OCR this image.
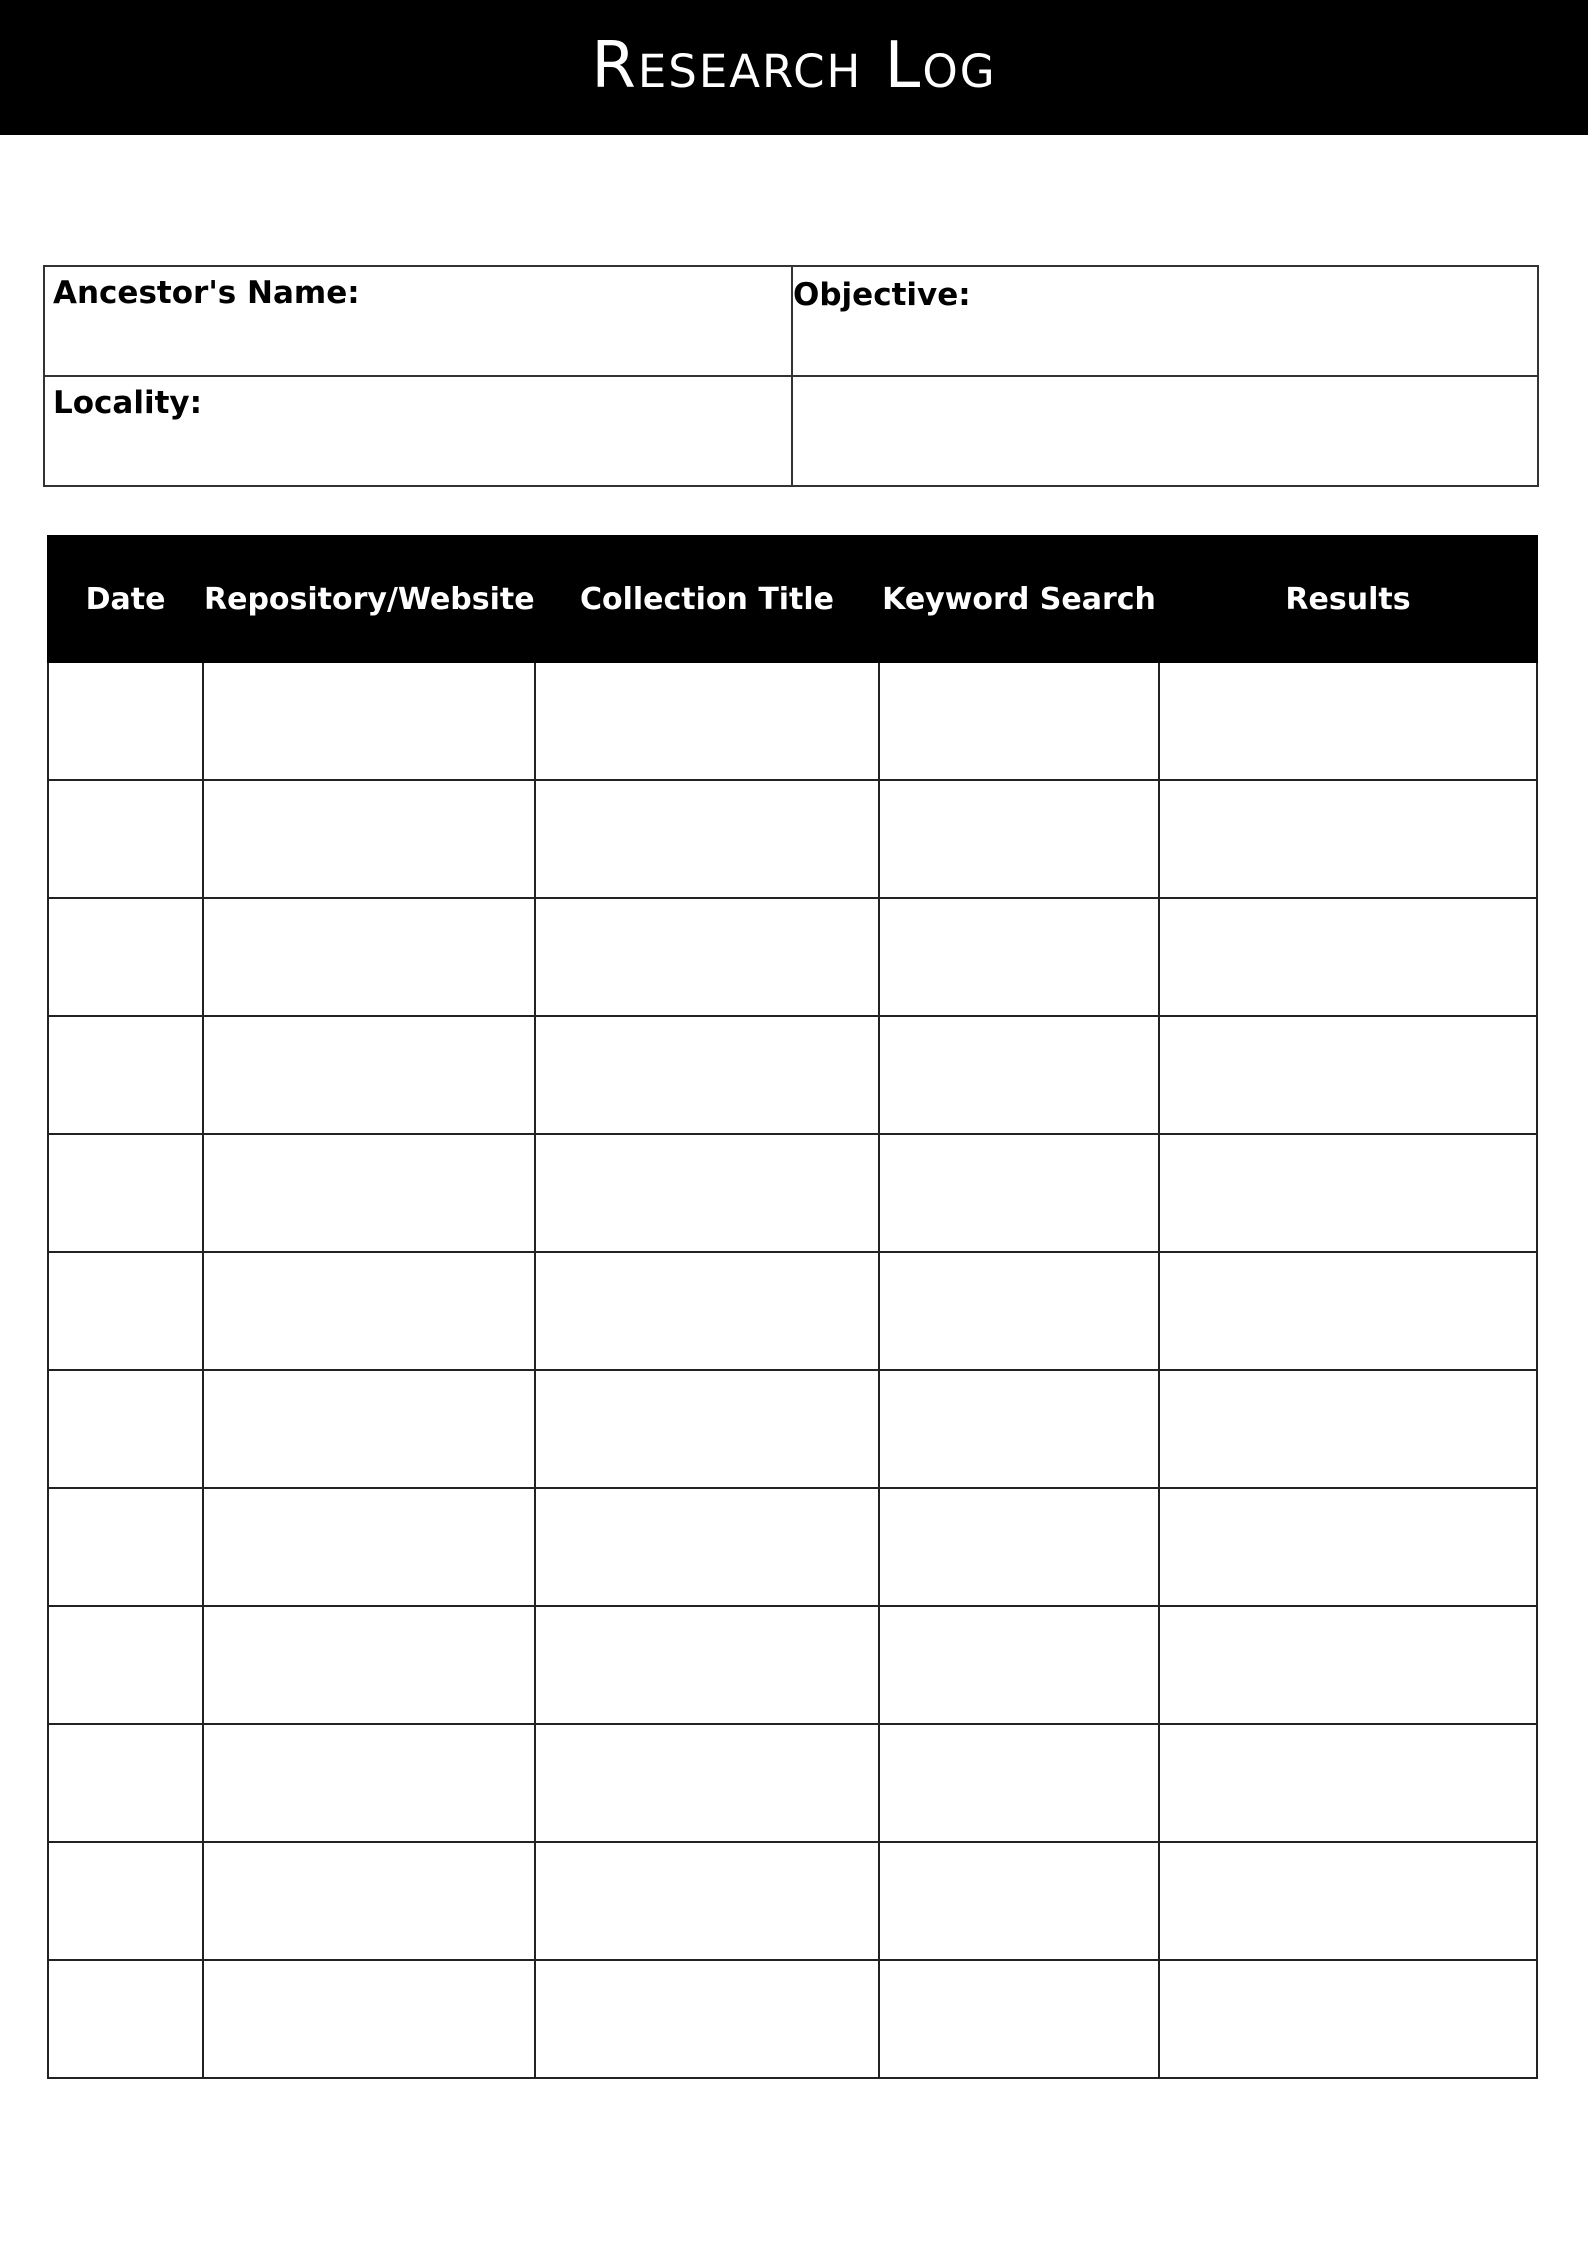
Research Log
Ancestor's Name:	Objective:
Locality:
Date	Repository/Website	Collection Title	Keyword Search	Results
